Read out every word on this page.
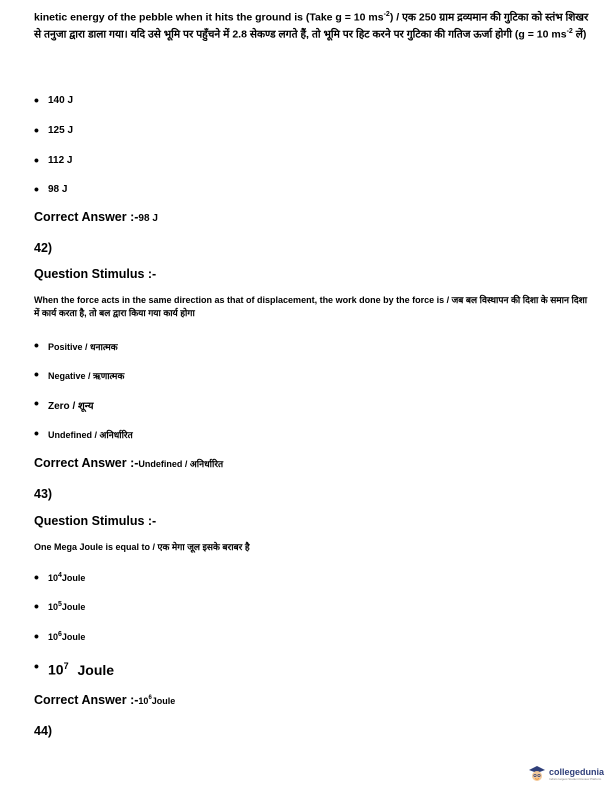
kinetic energy of the pebble when it hits the ground is (Take g = 10 $ms^{-2}$) / एक 250 ग्राम द्रव्यमान की गुटिका को स्तंभ शिखर से तनुजा द्वारा डाला गया। यदि उसे भूमि पर पहुँचने में 2.8 सेकण्ड लगते हैं, तो भूमि पर हिट करने पर गुटिका की गतिज ऊर्जा होगी (g = 10 $ms^{-2}$ लें)
• 140 J
• 125 J
• 112 J
• 98 J
Correct Answer :-98 J
42)
Question Stimulus :-
When the force acts in the same direction as that of displacement, the work done by the force is / जब बल विस्थापन की दिशा के समान दिशा में कार्य करता है, तो बल द्वारा किया गया कार्य होगा
• Positive / धनात्मक
• Negative / ऋणात्मक
• Zero / शून्य
• Undefined / अनिर्धारित
Correct Answer :-Undefined / अनिर्धारित
43)
Question Stimulus :-
One Mega Joule is equal to / एक मेगा जूल इसके बराबर है
• $10^4Joule$
• $10^5Joule$
• $10^6Joule$
• $10^7$ Joule
Correct Answer $:-10^6Joule$
44)
collegedunia
India's largest Student Review Platform
